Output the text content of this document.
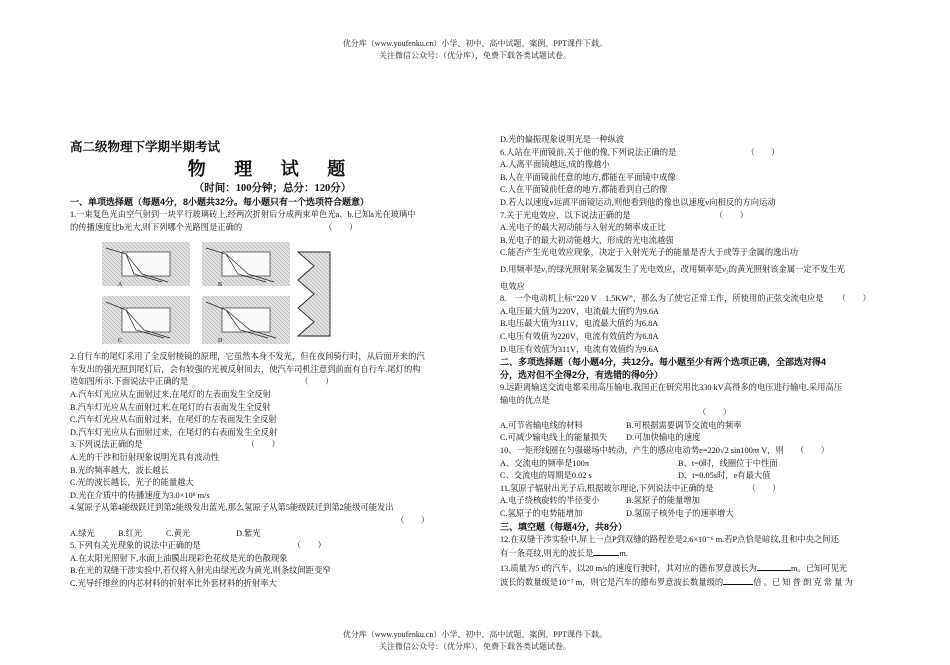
优分库（www.youfenku.cn）小学、初中、高中试题、案例、PPT课件下载。
关注微信公众号：（优分库），免费下载各类试题试卷。

高二级物理下学期半期考试

物 理 试 题

（时间：100分钟；总分：120分）

一、单项选择题（每题4分，8小题共32分。每小题只有一个选项符合题意）

1.一束复色光由空气射到一块平行玻璃砖上,经两次折射后分成两束单色光a、b.已知a光在玻璃中

的传播速度比b光大,则下列哪个光路图是正确的	（　　）

A	B
C	D

2.自行车的尾灯采用了全反射棱镜的原理，它虽然本身不发光，但在夜间骑行时，从后面开来的汽

车发出的强光照到尾灯后，会有较强的光被反射回去，使汽车司机注意到前面有自行车.尾灯的构

造如图所示.下面说法中正确的是	（　　）

A.汽车灯光应从左面射过来,在尾灯的左表面发生全反射

B.汽车灯光应从左面射过来,在尾灯的右表面发生全反射

C.汽车灯光应从右面射过来，在尾灯的左表面发生全反射

D.汽车灯光应从右面射过来，在尾灯的右表面发生全反射

3.下列说法正确的是	（　　）

A.光的干涉和衍射现象说明光具有波动性

B.光的频率越大，波长越长

C.光的波长越长，光子的能量越大

D.光在介质中的传播速度为3.0×10⁸ m/s

4.氢原子从第4能级跃迁到第2能级发出蓝光,那么氢原子从第5能级跃迁到第2能级可能发出

（　　）

A.绿光	B.红光	C.黄光	D.紫光

5.下列有关光现象的说法中正确的是	（　　）

A.在太阳光照射下,水面上油膜出现彩色花纹是光的色散现象

B.在光的双缝干涉实验中,若仅将入射光由绿光改为黄光,则条纹间距变窄

C.光导纤维丝的内芯材料的折射率比外套材料的折射率大

D.光的偏振现象说明光是一种纵波

6.人站在平面镜前,关于他的像,下列说法正确的是	（　　）

A.人离平面镜越远,成的像越小

B.人在平面镜前任意的地方,都能在平面镜中成像

C.人在平面镜前任意的地方,都能看到自己的像

D.若人以速度v远离平面镜运动,则他看到他的像也以速度v向相反的方向运动

7.关于光电效应，以下说法正确的是	（　　）

A.光电子的最大初动能与入射光的频率成正比

B.光电子的最大初动能越大，形成的光电流越强

C.能否产生光电效应现象，决定于入射光光子的能量是否大于或等于金属的逸出功

D.用频率是ν₁的绿光照射某金属发生了光电效应，改用频率是ν₂的黄光照射该金属一定不发生光

电效应

8.　一个电动机上标“220 V　1.5KW”，那么为了使它正常工作，所使用的正弦交流电应是 （　　）

A.电压最大值为220V，电流最大值约为9.6A

B.电压最大值为311V，电流最大值约为6.8A

C.电压有效值为220V，电流有效值约为6.8A

D.电压有效值为311V，电流有效值约为9.6A

二、多项选择题（每小题4分，共12分。每小题至少有两个选项正确，全部选对得4

分，选对但不全得2分，有选错的得0分）

9.远距离输送交流电都采用高压输电.我国正在研究用比330 kV高得多的电压进行输电.采用高压

输电的优点是

（　　）

A.可节省输电线的材料	B.可根据需要调节交流电的频率

C.可减少输电线上的能量损失 D.可加快输电的速度

10、一矩形线圈在匀强磁场中转动，产生的感应电动势e=220√2 sin100πt V，则 （　　）

A、交流电的频率是100π	B、t=0时，线圈位于中性面

C、交流电的周期是0.02 s	D、t=0.05s时，e有最大值

11.氢原子辐射出光子后,根据玻尔理论,下列说法中正确的是	（　　）

A.电子绕核旋转的半径变小	B.氢原子的能量增加

C.氢原子的电势能增加	D.氢原子核外电子的速率增大

三、填空题（每题4分，共8分）

12.在双缝干涉实验中,屏上一点P到双缝的路程差是2.6×10⁻⁶ m.若P点恰是暗纹,且和中央之间还

有一条亮纹,则光的波长是	m.

13.质量为5 t的汽车，以20 m/s的速度行驶时，其对应的德布罗意波长为	m。已知可见光

波长的数量级是10⁻⁷ m，则它是汽车的德布罗意波长数量级的	倍 。已 知 普 朗 克 常 量 为

优分库（www.youfenku.cn）小学、初中、高中试题、案例、PPT课件下载。
关注微信公众号：（优分库），免费下载各类试题试卷。
